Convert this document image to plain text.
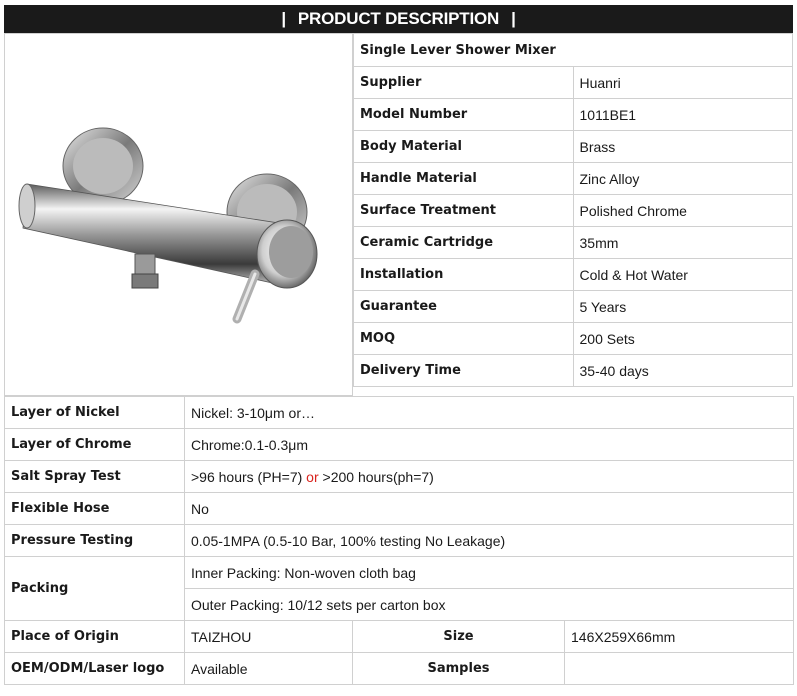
| PRODUCT DESCRIPTION |
Single Lever Shower Mixer	
Supplier	Huanri
Model Number	1011BE1
Body Material	Brass
Handle Material	Zinc Alloy
Surface Treatment	Polished Chrome
Ceramic Cartridge	35mm
Installation	Cold & Hot Water
Guarantee	5 Years
MOQ	200 Sets
Delivery Time	35-40 days
Layer of Nickel	Nickel: 3-10μm or…		
Layer of Chrome	Chrome:0.1-0.3μm		
Salt Spray Test	>96 hours (PH=7) or >200 hours(ph=7)		
Flexible Hose	No		
Pressure Testing	0.05-1MPA (0.5-10 Bar, 100% testing No Leakage)		
Packing	Inner Packing: Non-woven cloth bag		
	Outer Packing: 10/12 sets per carton box		
Place of Origin	TAIZHOU	Size	146X259X66mm
OEM/ODM/Laser logo	Available	Samples	
